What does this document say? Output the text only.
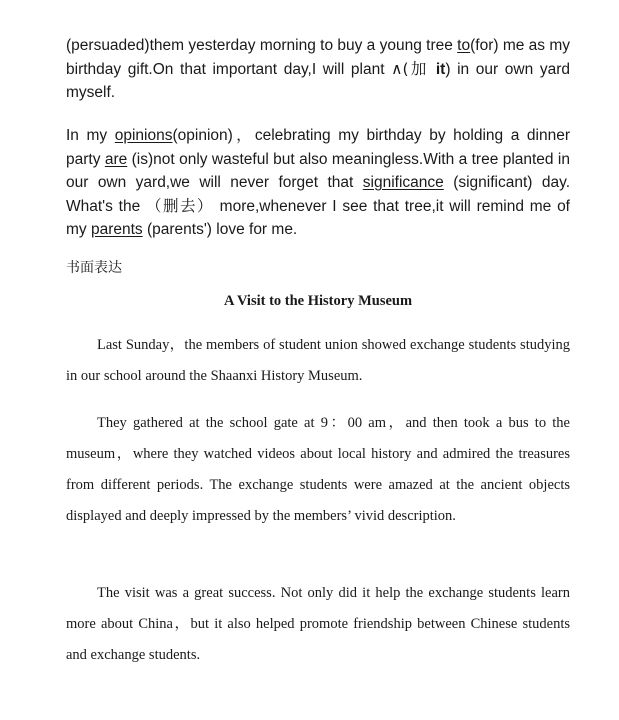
(persuaded)them yesterday morning to buy a young tree to(for) me as my birthday gift.On that important day,I will plant ∧(加 it) in our own yard myself.

In my opinions(opinion)，celebrating my birthday by holding a dinner party are (is)not only wasteful but also meaningless.With a tree planted in our own yard,we will never forget that significance (significant) day. What's the （删去） more,whenever I see that tree,it will remind me of my parents (parents') love for me.

书面表达

A Visit to the History Museum

Last Sunday，the members of student union showed exchange students studying in our school around the Shaanxi History Museum.

They gathered at the school gate at 9：00 am，and then took a bus to the museum，where they watched videos about local history and admired the treasures from different periods. The exchange students were amazed at the ancient objects displayed and deeply impressed by the members’ vivid description.

The visit was a great success. Not only did it help the exchange students learn more about China，but it also helped promote friendship between Chinese students and exchange students.
